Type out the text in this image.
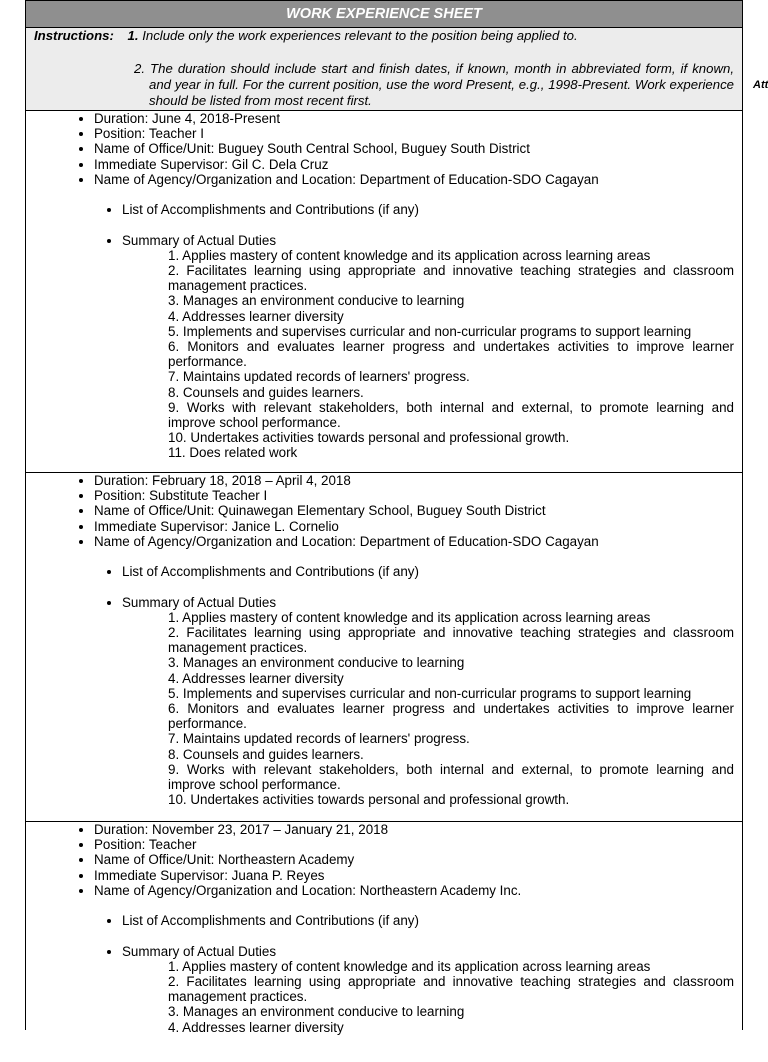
WORK EXPERIENCE SHEET
Instructions: 1. Include only the work experiences relevant to the position being applied to.
2. The duration should include start and finish dates, if known, month in abbreviated form, if known, and year in full. For the current position, use the word Present, e.g., 1998-Present. Work experience should be listed from most recent first.
• Duration: June 4, 2018-Present
• Position: Teacher I
• Name of Office/Unit: Buguey South Central School, Buguey South District
• Immediate Supervisor: Gil C. Dela Cruz
• Name of Agency/Organization and Location: Department of Education-SDO Cagayan
• List of Accomplishments and Contributions (if any)
• Summary of Actual Duties
1. Applies mastery of content knowledge and its application across learning areas
2. Facilitates learning using appropriate and innovative teaching strategies and classroom management practices.
3. Manages an environment conducive to learning
4. Addresses learner diversity
5. Implements and supervises curricular and non-curricular programs to support learning
6. Monitors and evaluates learner progress and undertakes activities to improve learner performance.
7. Maintains updated records of learners' progress.
8. Counsels and guides learners.
9. Works with relevant stakeholders, both internal and external, to promote learning and improve school performance.
10. Undertakes activities towards personal and professional growth.
11. Does related work
• Duration: February 18, 2018 – April 4, 2018
• Position: Substitute Teacher I
• Name of Office/Unit: Quinawegan Elementary School, Buguey South District
• Immediate Supervisor: Janice L. Cornelio
• Name of Agency/Organization and Location: Department of Education-SDO Cagayan
• List of Accomplishments and Contributions (if any)
• Summary of Actual Duties
1. Applies mastery of content knowledge and its application across learning areas
2. Facilitates learning using appropriate and innovative teaching strategies and classroom management practices.
3. Manages an environment conducive to learning
4. Addresses learner diversity
5. Implements and supervises curricular and non-curricular programs to support learning
6. Monitors and evaluates learner progress and undertakes activities to improve learner performance.
7. Maintains updated records of learners' progress.
8. Counsels and guides learners.
9. Works with relevant stakeholders, both internal and external, to promote learning and improve school performance.
10. Undertakes activities towards personal and professional growth.
• Duration: November 23, 2017 – January 21, 2018
• Position: Teacher
• Name of Office/Unit: Northeastern Academy
• Immediate Supervisor: Juana P. Reyes
• Name of Agency/Organization and Location: Northeastern Academy Inc.
• List of Accomplishments and Contributions (if any)
• Summary of Actual Duties
1. Applies mastery of content knowledge and its application across learning areas
2. Facilitates learning using appropriate and innovative teaching strategies and classroom management practices.
3. Manages an environment conducive to learning
4. Addresses learner diversity
Att
